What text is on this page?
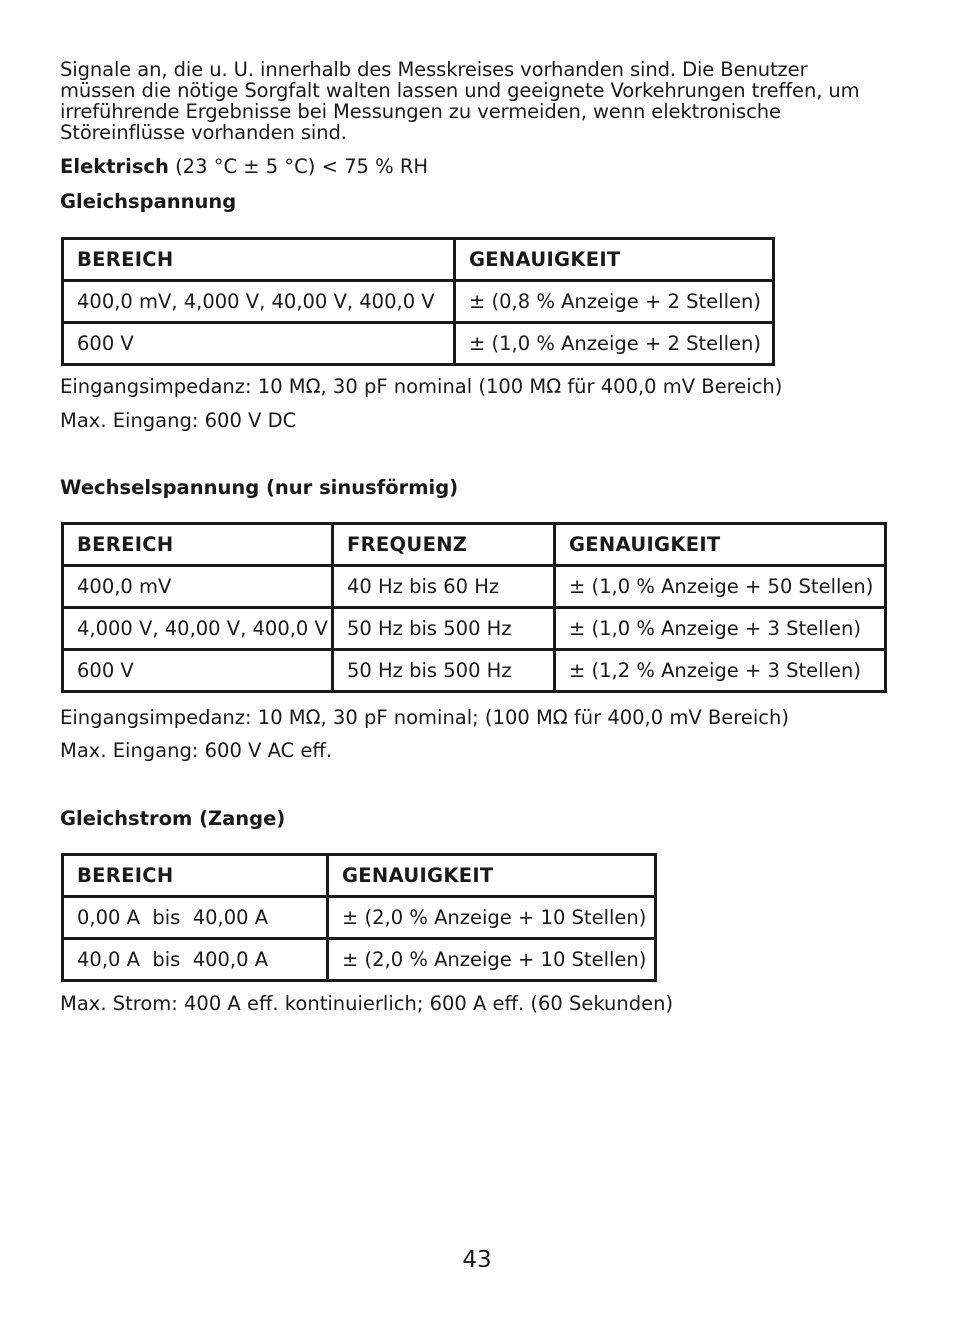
Signale an, die u. U. innerhalb des Messkreises vorhanden sind. Die Benutzer müssen die nötige Sorgfalt walten lassen und geeignete Vorkehrungen treffen, um irreführende Ergebnisse bei Messungen zu vermeiden, wenn elektronische Störeinflüsse vorhanden sind.

Elektrisch (23 °C ± 5 °C) < 75 % RH

Gleichspannung
BEREICH	GENAUIGKEIT
400,0 mV, 4,000 V, 40,00 V, 400,0 V	± (0,8 % Anzeige + 2 Stellen)
600 V	± (1,0 % Anzeige + 2 Stellen)

Eingangsimpedanz: 10 MΩ, 30 pF nominal (100 MΩ für 400,0 mV Bereich)

Max. Eingang: 600 V DC

Wechselspannung (nur sinusförmig)
BEREICH	FREQUENZ	GENAUIGKEIT
400,0 mV	40 Hz bis 60 Hz	± (1,0 % Anzeige + 50 Stellen)
4,000 V, 40,00 V, 400,0 V	50 Hz bis 500 Hz	± (1,0 % Anzeige + 3 Stellen)
600 V	50 Hz bis 500 Hz	± (1,2 % Anzeige + 3 Stellen)

Eingangsimpedanz: 10 MΩ, 30 pF nominal; (100 MΩ für 400,0 mV Bereich)

Max. Eingang: 600 V AC eff.

Gleichstrom (Zange)
BEREICH	GENAUIGKEIT
0,00 A  bis  40,00 A	± (2,0 % Anzeige + 10 Stellen)
40,0 A  bis  400,0 A	± (2,0 % Anzeige + 10 Stellen)

Max. Strom: 400 A eff. kontinuierlich; 600 A eff. (60 Sekunden)

43
